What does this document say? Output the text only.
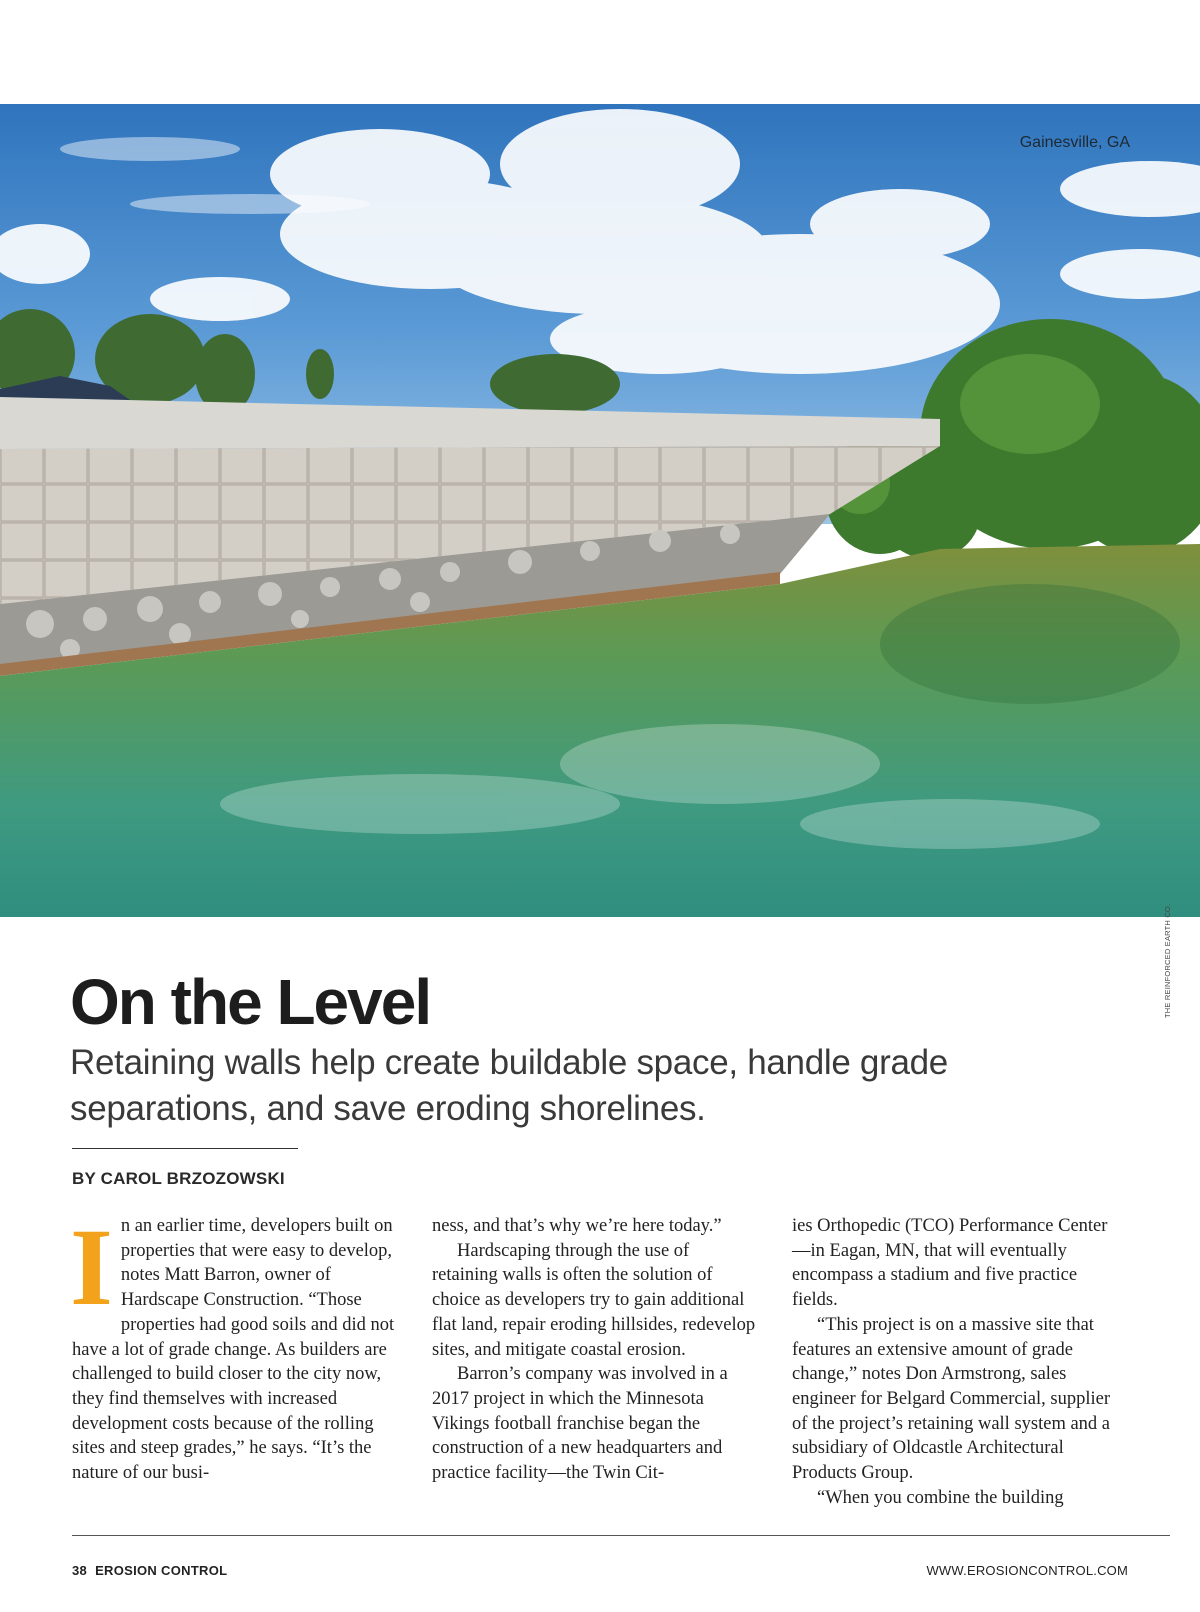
Gainesville, GA
THE REINFORCED EARTH CO.
On the Level
Retaining walls help create buildable space, handle grade separations, and save eroding shorelines.
BY CAROL BRZOZOWSKI
I n an earlier time, developers built on properties that were easy to develop, notes Matt Barron, owner of Hardscape Construction. “Those properties had good soils and did not have a lot of grade change. As builders are challenged to build closer to the city now, they find themselves with increased development costs because of the rolling sites and steep grades,” he says. “It’s the nature of our busi-

ness, and that’s why we’re here today.”

Hardscaping through the use of retaining walls is often the solution of choice as developers try to gain additional flat land, repair eroding hillsides, redevelop sites, and mitigate coastal erosion.

Barron’s company was involved in a 2017 project in which the Minnesota Vikings football franchise began the construction of a new headquarters and practice facility—the Twin Cit-

ies Orthopedic (TCO) Performance Center—in Eagan, MN, that will eventually encompass a stadium and five practice fields.

“This project is on a massive site that features an extensive amount of grade change,” notes Don Armstrong, sales engineer for Belgard Commercial, supplier of the project’s retaining wall system and a subsidiary of Oldcastle Architectural Products Group.

“When you combine the building

38 EROSION CONTROL	WWW.EROSIONCONTROL.COM
